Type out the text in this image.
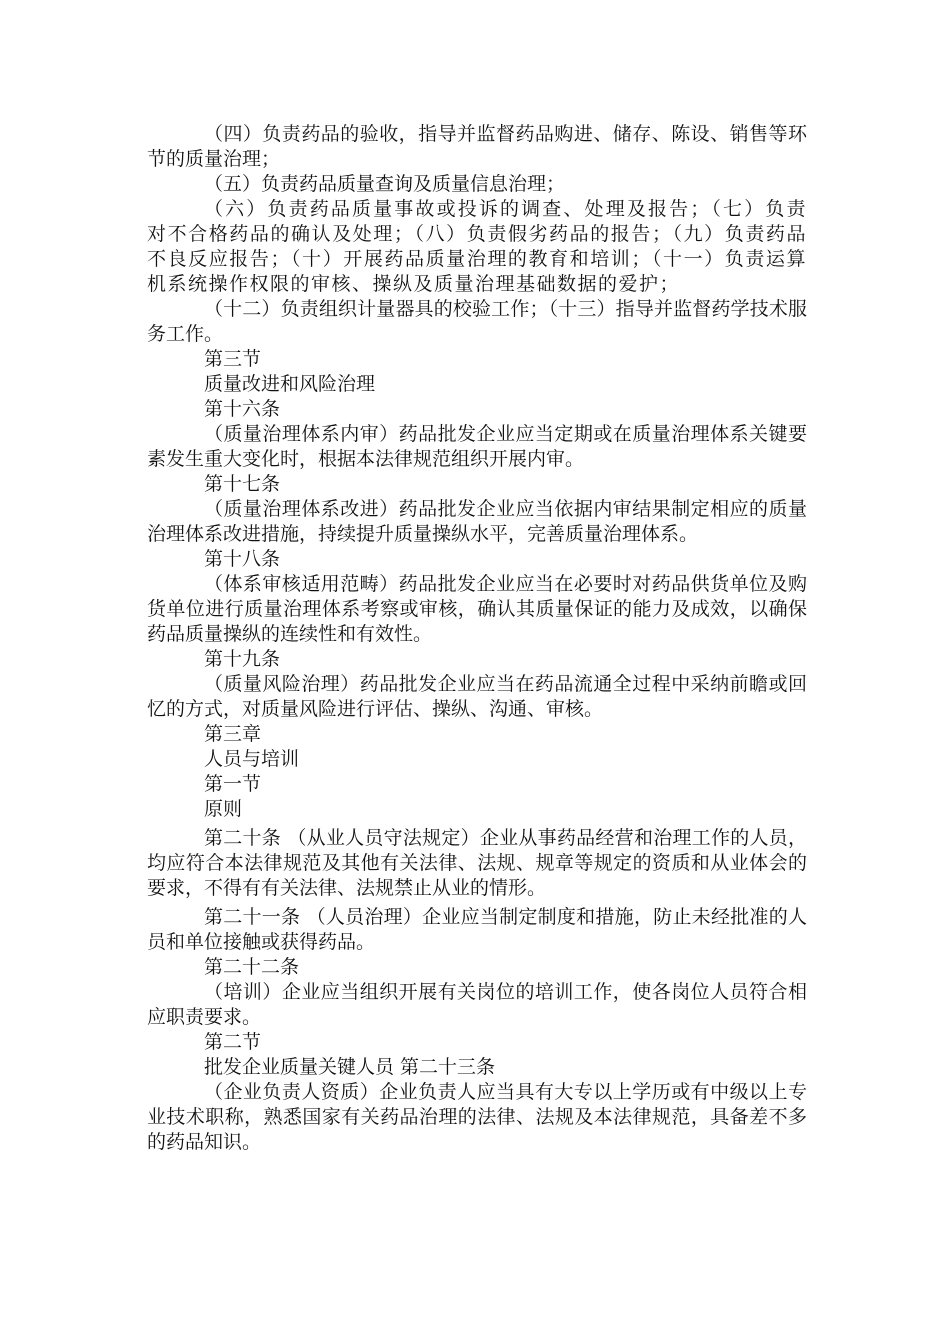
（四）负责药品的验收，指导并监督药品购进、储存、陈设、销售等环节的质量治理；

（五）负责药品质量查询及质量信息治理；

（六）负责药品质量事故或投诉的调查、处理及报告；（七）负责对不合格药品的确认及处理；（八）负责假劣药品的报告；（九）负责药品不良反应报告；（十）开展药品质量治理的教育和培训；（十一）负责运算机系统操作权限的审核、操纵及质量治理基础数据的爱护；

（十二）负责组织计量器具的校验工作；（十三）指导并监督药学技术服务工作。

第三节

质量改进和风险治理

第十六条

（质量治理体系内审）药品批发企业应当定期或在质量治理体系关键要素发生重大变化时，根据本法律规范组织开展内审。

第十七条

（质量治理体系改进）药品批发企业应当依据内审结果制定相应的质量治理体系改进措施，持续提升质量操纵水平，完善质量治理体系。

第十八条

（体系审核适用范畴）药品批发企业应当在必要时对药品供货单位及购货单位进行质量治理体系考察或审核，确认其质量保证的能力及成效，以确保药品质量操纵的连续性和有效性。

第十九条

（质量风险治理）药品批发企业应当在药品流通全过程中采纳前瞻或回忆的方式，对质量风险进行评估、操纵、沟通、审核。

第三章

人员与培训

第一节

原则

第二十条 （从业人员守法规定）企业从事药品经营和治理工作的人员，均应符合本法律规范及其他有关法律、法规、规章等规定的资质和从业体会的要求，不得有有关法律、法规禁止从业的情形。

第二十一条 （人员治理）企业应当制定制度和措施，防止未经批准的人员和单位接触或获得药品。

第二十二条

（培训）企业应当组织开展有关岗位的培训工作，使各岗位人员符合相应职责要求。

第二节

批发企业质量关键人员 第二十三条

（企业负责人资质）企业负责人应当具有大专以上学历或有中级以上专业技术职称，熟悉国家有关药品治理的法律、法规及本法律规范，具备差不多的药品知识。
